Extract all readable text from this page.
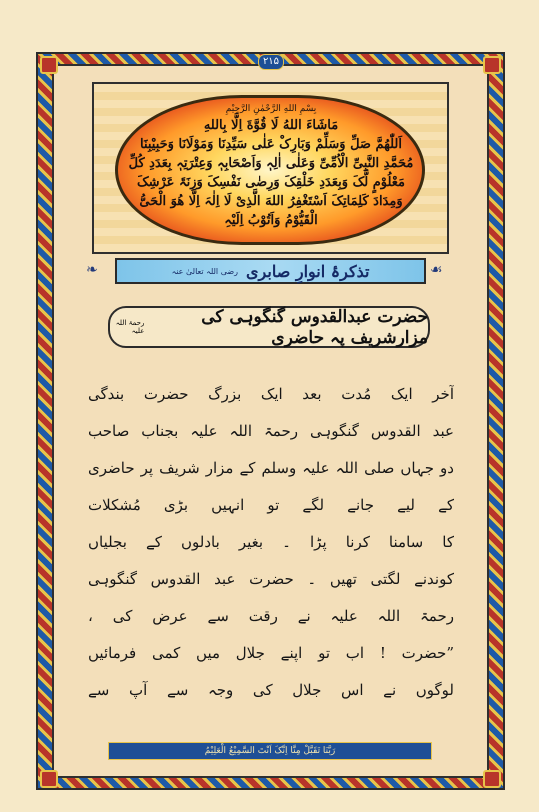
۲۱۵
بِسْمِ اللهِ الرَّحْمٰنِ الرَّحِیْمِ
مَاشَاءَ اللهُ لَا قُوَّةَ اِلَّا بِاللهِ
اَللّٰھُمَّ صَلِّ وَسَلِّمْ وَبَارِکْ عَلٰی سَیِّدِنَا وَمَوْلَانَا وَحَبِیْبِنَا
مُحَمَّدِ النَّبِیِّ الْاُمِّیِّ وَعَلٰی اٰلِہٖ وَاَصْحَابِہٖ وَعِتْرَتِہٖ بِعَدَدِ کُلِّ
مَعْلُوْمٍ لَّکَ وَبِعَدَدِ خَلْقِکَ وَرِضٰی نَفْسِکَ وَزِنَۃَ عَرْشِکَ
وَمِدَادَ کَلِمَاتِکَ اَسْتَغْفِرُ اللهَ الَّذِیْ لَا اِلٰہَ اِلَّا ھُوَ الْحَیُّ
الْقَیُّوْمُ وَاَتُوْبُ اِلَیْہِ
❧	☙
تذکرۂ انوارِ صابری
رضی اللہ تعالیٰ عنہ
حضرت عبدالقدوس گنگوہی کی مزارشریف پہ حاضری
رحمۃ اللہ علیہ
آخر ایک مُدت بعد ایک بزرگ حضرت بندگی
عبد القدوس گنگوہی رحمۃ اللہ علیہ بجناب صاحب
دو جہاں صلی اللہ علیہ وسلم کے مزار شریف پر حاضری
کے لیے جانے لگے تو انہیں بڑی مُشکلات
کا سامنا کرنا پڑا ۔ بغیر بادلوں کے بجلیاں
کوندنے لگتی تھیں ۔ حضرت عبد القدوس گنگوہی
رحمۃ اللہ علیہ نے رقت سے عرض کی ،
”حضرت ! اب تو اپنے جلال میں کمی فرمائیں
لوگوں نے اس جلال کی وجہ سے آپ سے
رَبَّنَا تَقَبَّلْ مِنَّا اِنَّکَ اَنْتَ السَّمِیْعُ الْعَلِیْمُ
